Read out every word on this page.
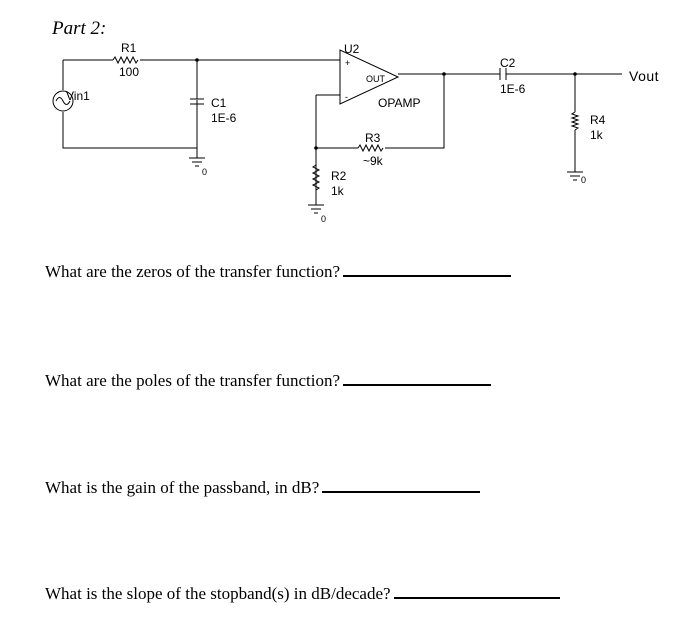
Part 2:
Vin1
R1
100
C1
1E-6
0
U2
+
-
OUT
OPAMP
R2
1k
0
R3
~9k
C2
1E-6
R4
1k
0
Vout
What are the zeros of the transfer function?
What are the poles of the transfer function?
What is the gain of the passband, in dB?
What is the slope of the stopband(s) in dB/decade?
